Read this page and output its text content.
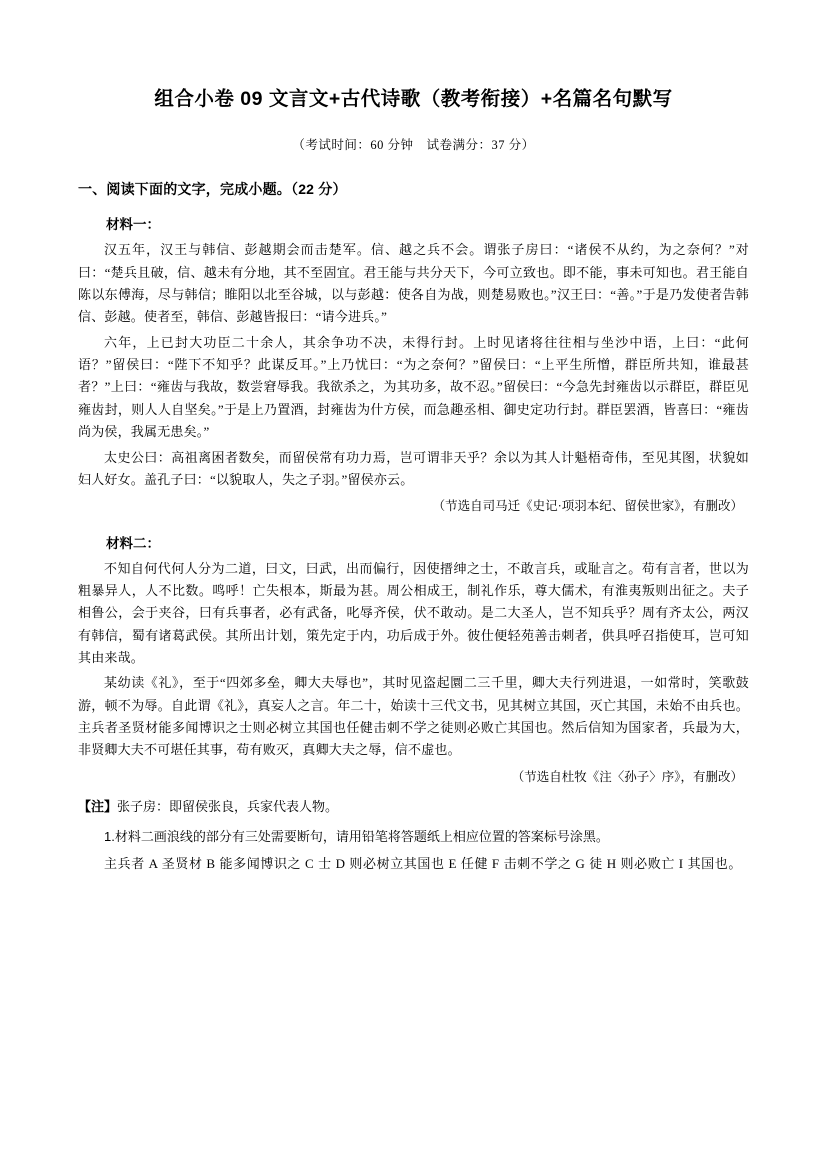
组合小卷 09 文言文+古代诗歌（教考衔接）+名篇名句默写
（考试时间：60 分钟　试卷满分：37 分）
一、阅读下面的文字，完成小题。（22 分）
材料一：

汉五年，汉王与韩信、彭越期会而击楚军。信、越之兵不会。谓张子房曰：“诸侯不从约，为之奈何？”对曰：“楚兵且破，信、越未有分地，其不至固宜。君王能与共分天下，今可立致也。即不能，事未可知也。君王能自陈以东傅海，尽与韩信；睢阳以北至谷城，以与彭越：使各自为战，则楚易败也。”汉王曰：“善。”于是乃发使者告韩信、彭越。使者至，韩信、彭越皆报曰：“请今进兵。”

六年，上已封大功臣二十余人，其余争功不决，未得行封。上时见诸将往往相与坐沙中语，上曰：“此何语？”留侯曰：“陛下不知乎？此谋反耳。”上乃忧曰：“为之奈何？”留侯曰：“上平生所憎，群臣所共知，谁最甚者？”上曰：“雍齿与我故，数尝窘辱我。我欲杀之，为其功多，故不忍。”留侯曰：“今急先封雍齿以示群臣，群臣见雍齿封，则人人自坚矣。”于是上乃置酒，封雍齿为什方侯，而急趣丞相、御史定功行封。群臣罢酒，皆喜曰：“雍齿尚为侯，我属无患矣。”

太史公曰：高祖离困者数矣，而留侯常有功力焉，岂可谓非天乎？余以为其人计魁梧奇伟，至见其图，状貌如妇人好女。盖孔子曰：“以貌取人，失之子羽。”留侯亦云。

（节选自司马迁《史记·项羽本纪、留侯世家》，有删改）
材料二：

不知自何代何人分为二道，曰文，曰武，出而偏行，因使搢绅之士，不敢言兵，或耻言之。苟有言者，世以为粗暴异人，人不比数。鸣呼！亡失根本，斯最为甚。周公相成王，制礼作乐，尊大儒术，有淮夷叛则出征之。夫子相鲁公，会于夹谷，曰有兵事者，必有武备，叱辱齐侯，伏不敢动。是二大圣人，岂不知兵乎？周有齐太公，两汉有韩信，蜀有诸葛武侯。其所出计划，策先定于内，功后成于外。彼仕便轻苑善击刺者，供具呼召指使耳，岂可知其由来哉。

某幼读《礼》，至于“四郊多垒，卿大夫辱也”，其时见盗起圜二三千里，卿大夫行列进退，一如常时，笑歌鼓游，顿不为辱。自此谓《礼》，真妄人之言。年二十，始读十三代文书，见其树立其国，灭亡其国，未始不由兵也。主兵者圣贤材能多闻博识之士则必树立其国也任健击刺不学之徒则必败亡其国也。然后信知为国家者，兵最为大，非贤卿大夫不可堪任其事，苟有败灭，真卿大夫之辱，信不虚也。

（节选自杜牧《注〈孙子〉序》，有删改）
【注】张子房：即留侯张良，兵家代表人物。
1.材料二画浪线的部分有三处需要断句，请用铅笔将答题纸上相应位置的答案标号涂黑。
主兵者 A 圣贤材 B 能多闻博识之 C 士 D 则必树立其国也 E 任健 F 击刺不学之 G 徒 H 则必败亡 I 其国也。
